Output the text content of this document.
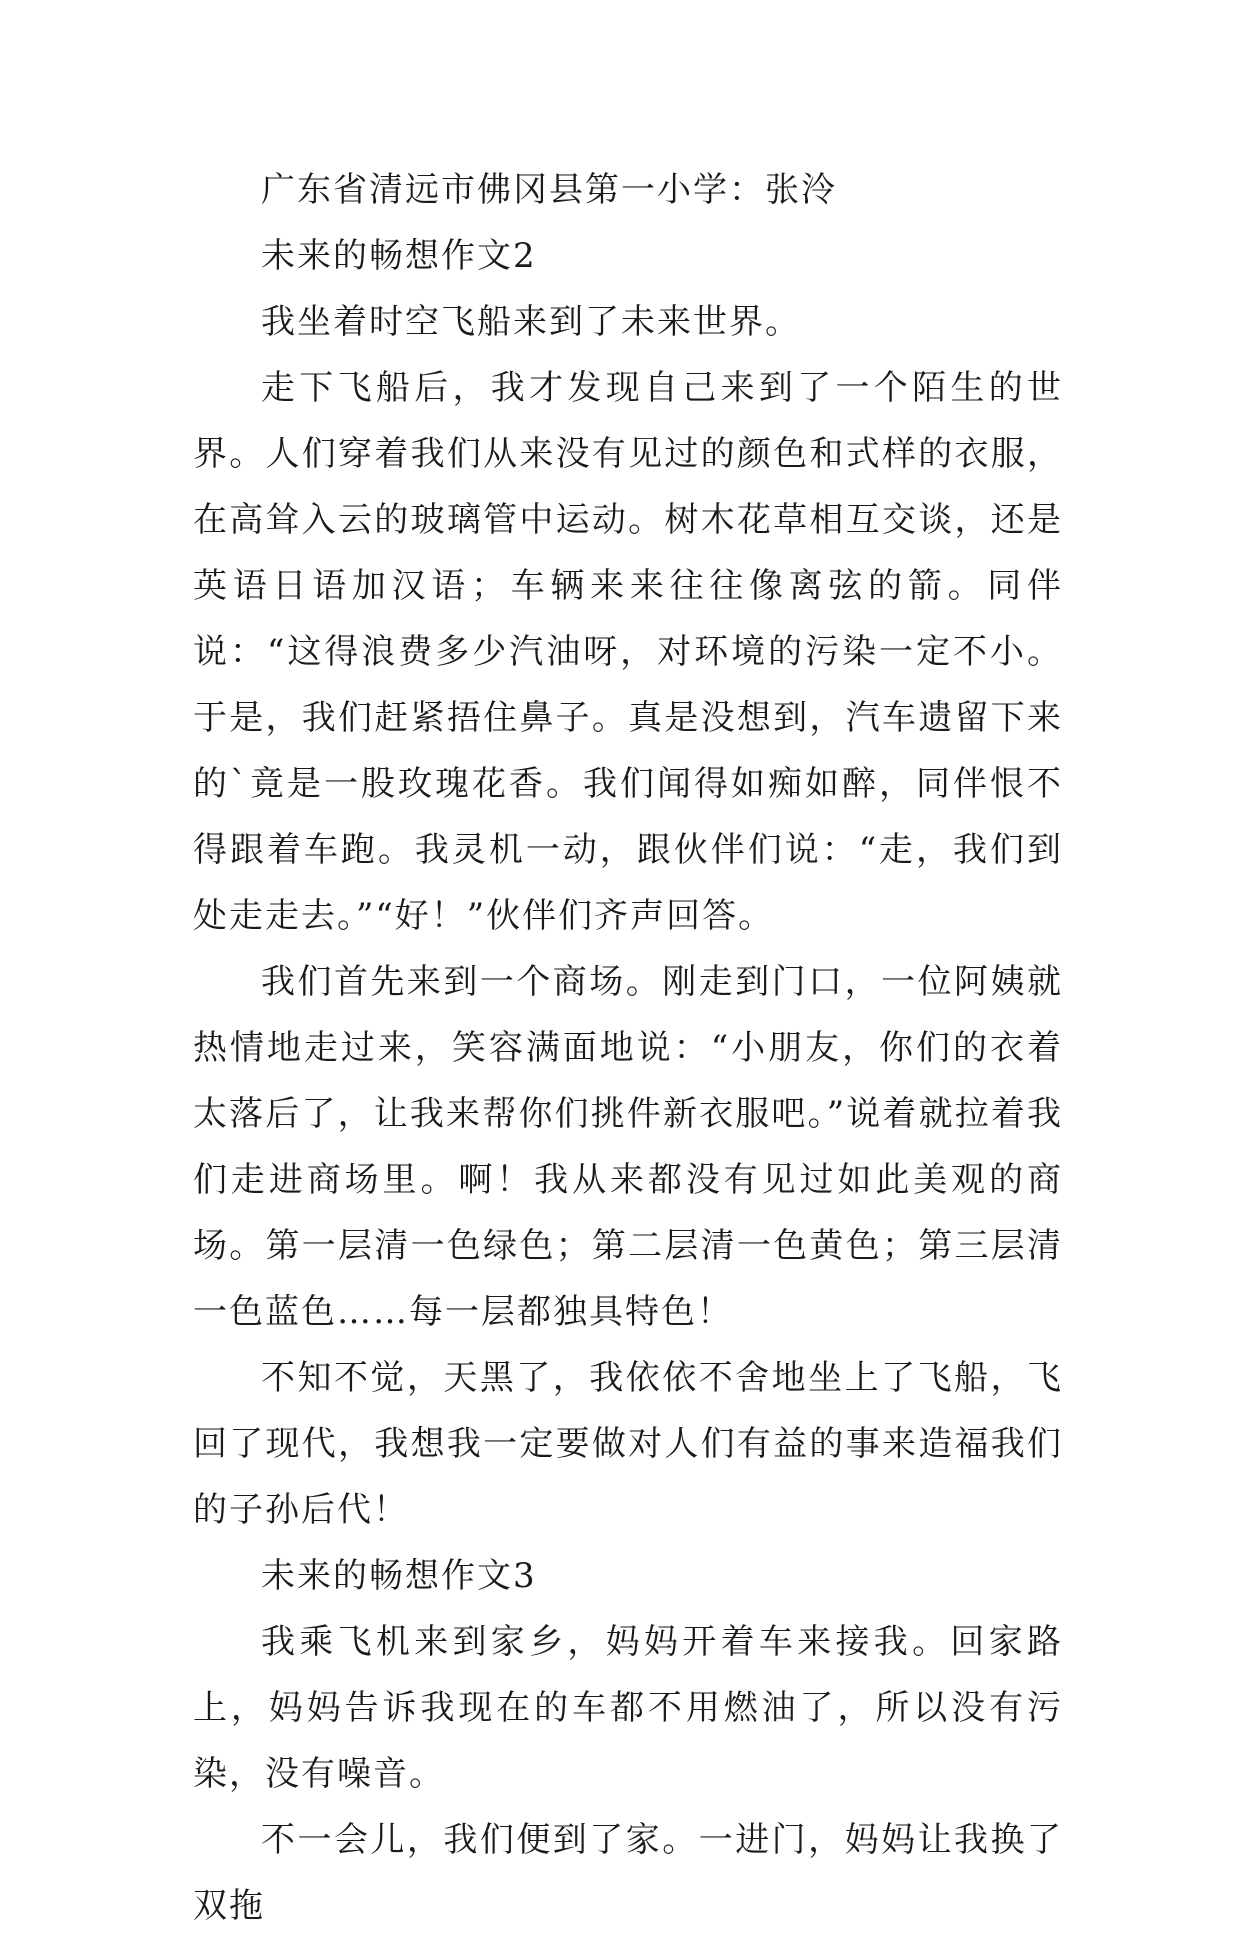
广东省清远市佛冈县第一小学：张泠

未来的畅想作文2

我坐着时空飞船来到了未来世界。

走下飞船后，我才发现自己来到了一个陌生的世界。人们穿着我们从来没有见过的颜色和式样的衣服，在高耸入云的玻璃管中运动。树木花草相互交谈，还是英语日语加汉语；车辆来来往往像离弦的箭。同伴说：“这得浪费多少汽油呀，对环境的污染一定不小。于是，我们赶紧捂住鼻子。真是没想到，汽车遗留下来的`竟是一股玫瑰花香。我们闻得如痴如醉，同伴恨不得跟着车跑。我灵机一动，跟伙伴们说：“走，我们到处走走去。”“好！”伙伴们齐声回答。

我们首先来到一个商场。刚走到门口，一位阿姨就热情地走过来，笑容满面地说：“小朋友，你们的衣着太落后了，让我来帮你们挑件新衣服吧。”说着就拉着我们走进商场里。啊！我从来都没有见过如此美观的商场。第一层清一色绿色；第二层清一色黄色；第三层清一色蓝色……每一层都独具特色！

不知不觉，天黑了，我依依不舍地坐上了飞船，飞回了现代，我想我一定要做对人们有益的事来造福我们的子孙后代！

未来的畅想作文3

我乘飞机来到家乡，妈妈开着车来接我。回家路上，妈妈告诉我现在的车都不用燃油了，所以没有污染，没有噪音。

不一会儿，我们便到了家。一进门，妈妈让我换了双拖
